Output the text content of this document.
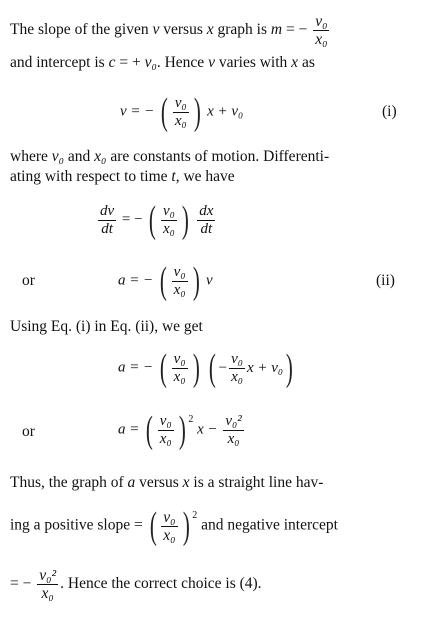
The slope of the given v versus x graph is m = − $\frac{\text{v₀}}{\text{x₀}}$
and intercept is c = + v₀. Hence v varies with x as
v = − ( $\frac{\text{v₀}}{\text{x₀}}$ ) x + v₀	(i)
where v₀ and x₀ are constants of motion. Differenti-
ating with respect to time t, we have
$\frac{dv}{dt}$ = − ( $\frac{\text{v₀}}{\text{x₀}}$ )
$\frac{dx}{dt}$
or	a = − ( $\frac{\text{v₀}}{\text{x₀}}$ ) v	(ii)
Using Eq. (i) in Eq. (ii), we get
a = − ( $\frac{\text{v₀}}{\text{x₀}}$ )
( − $\frac{\text{v₀}}{\text{x₀}}$ x + v₀ )
or	a = ( $\frac{\text{v₀}}{\text{x₀}}$ ) 2
$x - \frac{\text{v₀²}}{\text{x₀}}$
Thus, the graph of a versus x is a straight line hav-
ing a positive slope = ( $\frac{\text{v₀}}{\text{x₀}}$ ) 2
and negative intercept
= − $\frac{\text{v₀²}}{\text{x₀}}$ . Hence the correct choice is (4).
